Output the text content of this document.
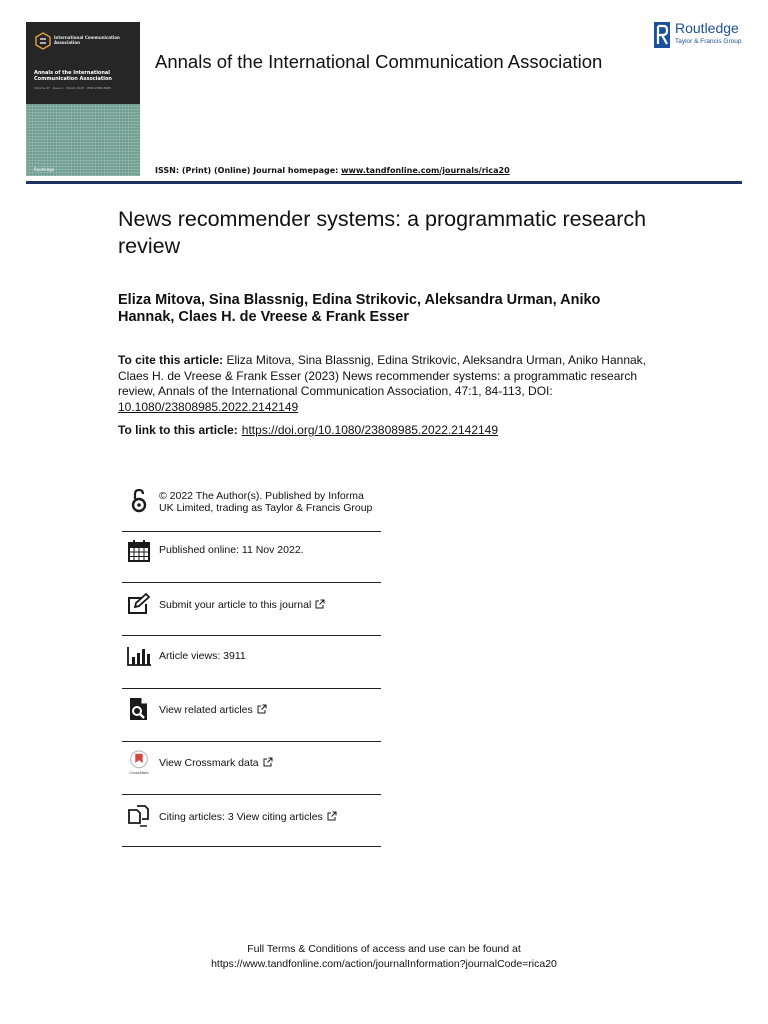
International Communication Association
Annals of the International Communication Association
Volume 47 · Issue 1 · March 2023 · ISSN 2380-8985
Routledge
Annals of the International Communication Association
ISSN: (Print) (Online) Journal homepage: www.tandfonline.com/journals/rica20
Routledge
Taylor & Francis Group
News recommender systems: a programmatic research review
Eliza Mitova, Sina Blassnig, Edina Strikovic, Aleksandra Urman, Aniko Hannak, Claes H. de Vreese & Frank Esser
To cite this article: Eliza Mitova, Sina Blassnig, Edina Strikovic, Aleksandra Urman, Aniko Hannak, Claes H. de Vreese & Frank Esser (2023) News recommender systems: a programmatic research review, Annals of the International Communication Association, 47:1, 84-113, DOI: 10.1080/23808985.2022.2142149
To link to this article: https://doi.org/10.1080/23808985.2022.2142149
© 2022 The Author(s). Published by Informa UK Limited, trading as Taylor & Francis Group
Published online: 11 Nov 2022.
Submit your article to this journal
Article views: 3911
View related articles
CrossMark
View Crossmark data
Citing articles: 3 View citing articles
Full Terms & Conditions of access and use can be found at
https://www.tandfonline.com/action/journalInformation?journalCode=rica20
